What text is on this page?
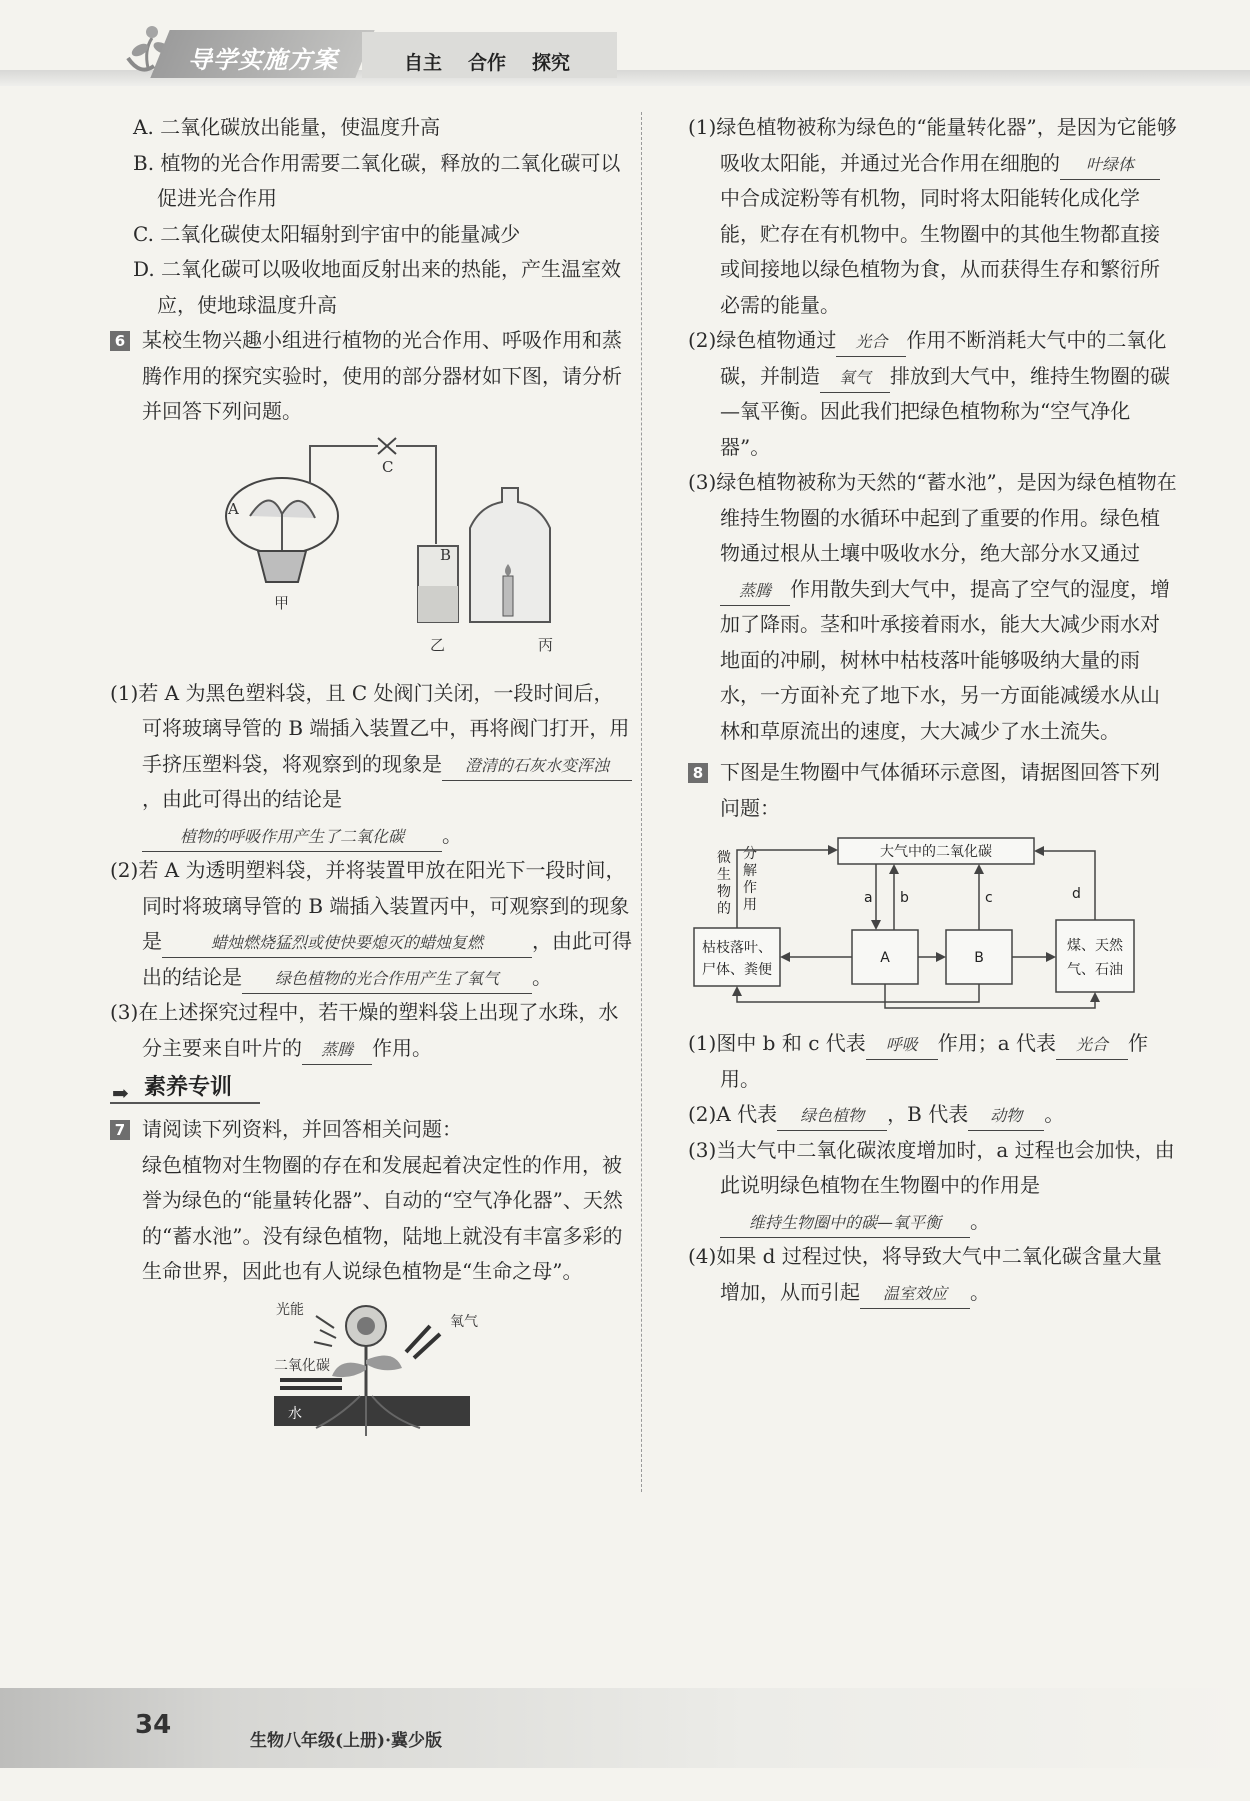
导学实施方案	自主 合作 探究

A. 二氧化碳放出能量，使温度升高

B. 植物的光合作用需要二氧化碳，释放的二氧化碳可以促进光合作用

C. 二氧化碳使太阳辐射到宇宙中的能量减少

D. 二氧化碳可以吸收地面反射出来的热能，产生温室效应，使地球温度升高

6 某校生物兴趣小组进行植物的光合作用、呼吸作用和蒸腾作用的探究实验时，使用的部分器材如下图，请分析并回答下列问题。

A
B
C
甲
乙	丙

(1)若 A 为黑色塑料袋，且 C 处阀门关闭，一段时间后，可将玻璃导管的 B 端插入装置乙中，再将阀门打开，用手挤压塑料袋，将观察到的现象是 澄清的石灰水变浑浊，由此可得出的结论是植物的呼吸作用产生了二氧化碳 。

(2)若 A 为透明塑料袋，并将装置甲放在阳光下一段时间，同时将玻璃导管的 B 端插入装置丙中，可观察到的现象是	蜡烛燃烧猛烈或使快要熄灭的蜡烛复燃 ，由此可得出的结论是 绿色植物的光合作用产生了氧气 。

(3)在上述探究过程中，若干燥的塑料袋上出现了水珠，水分主要来自叶片的 蒸腾 作用。

➡ 素养专训
7 请阅读下列资料，并回答相关问题：

绿色植物对生物圈的存在和发展起着决定性的作用，被誉为绿色的“能量转化器”、自动的“空气净化器”、天然的“蓄水池”。没有绿色植物，陆地上就没有丰富多彩的生命世界，因此也有人说绿色植物是“生命之母”。

光能
二氧化碳
氧气
水

(1)绿色植物被称为绿色的“能量转化器”，是因为它能够吸收太阳能，并通过光合作用在细胞的 叶绿体中合成淀粉等有机物，同时将太阳能转化成化学能，贮存在有机物中。生物圈中的其他生物都直接或间接地以绿色植物为食，从而获得生存和繁衍所必需的能量。

(2)绿色植物通过 光合 作用不断消耗大气中的二氧化碳，并制造 氧气 排放到大气中，维持生物圈的碳—氧平衡。因此我们把绿色植物称为“空气净化器”。

(3)绿色植物被称为天然的“蓄水池”，是因为绿色植物在维持生物圈的水循环中起到了重要的作用。绿色植物通过根从土壤中吸收水分，绝大部分水又通过蒸腾 作用散失到大气中，提高了空气的湿度，增加了降雨。茎和叶承接着雨水，能大大减少雨水对地面的冲刷，树林中枯枝落叶能够吸纳大量的雨水，一方面补充了地下水，另一方面能减缓水从山林和草原流出的速度，大大减少了水土流失。

8 下图是生物圈中气体循环示意图，请据图回答下列问题：

大气中的二氧化碳
枯枝落叶、
尸体、粪便
A	B
煤、天然
气、石油
微生物的
分解作用	a b	c	d

(1)图中 b 和 c 代表 呼吸 作用；a 代表 光合 作用。

(2)A 代表 绿色植物 ，B 代表 动物 。

(3)当大气中二氧化碳浓度增加时，a 过程也会加快，由此说明绿色植物在生物圈中的作用是维持生物圈中的碳—氧平衡 。

(4)如果 d 过程过快，将导致大气中二氧化碳含量大量增加，从而引起 温室效应 。

34
生物八年级(上册)·冀少版
